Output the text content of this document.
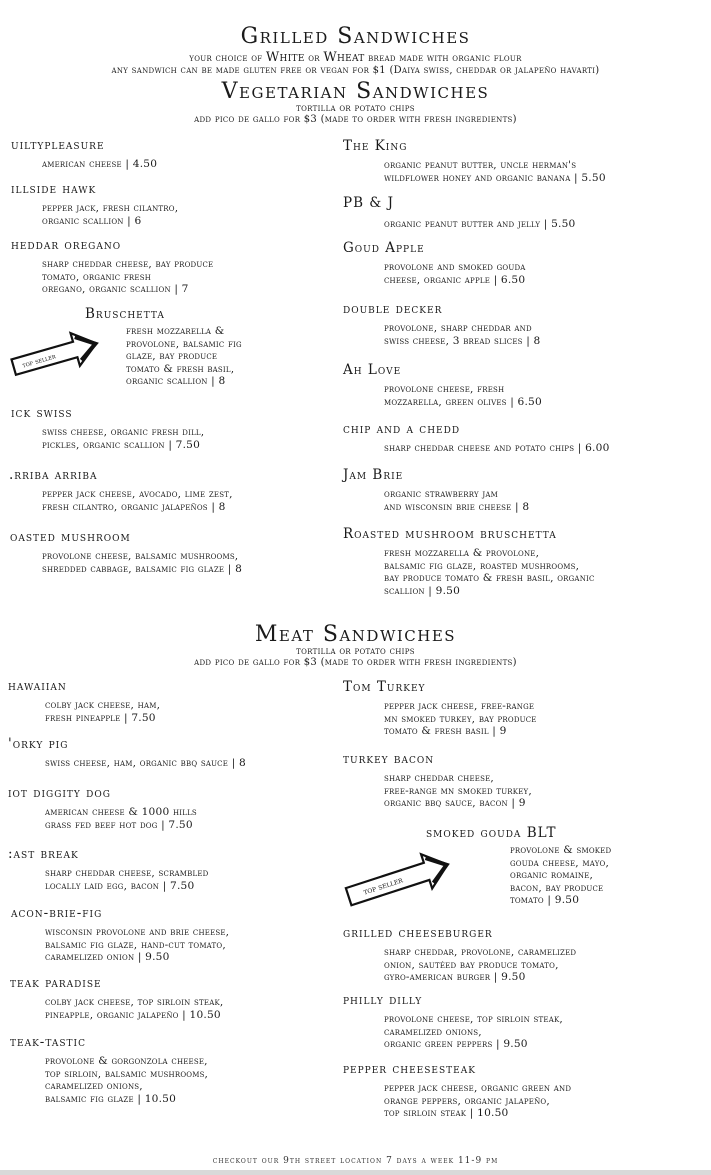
Grilled Sandwiches
your choice of White or Wheat bread made with organic flour
any sandwich can be made gluten free or vegan for $1 (Daiya swiss, cheddar or jalapeño havarti)
Vegetarian Sandwiches
tortilla or potato chips
add pico de gallo for $3 (made to order with fresh ingredients)
uiltypleasure
american cheese | 4.50
illside hawk
pepper jack, fresh cilantro,
organic scallion | 6
heddar oregano
sharp cheddar cheese, bay produce
tomato, organic fresh
oregano, organic scallion | 7
Bruschetta
fresh mozzarella &
provolone, balsamic fig
glaze, bay produce
tomato & fresh basil,
organic scallion | 8
top seller
ick swiss
swiss cheese, organic fresh dill,
pickles, organic scallion | 7.50
.rriba arriba
pepper jack cheese, avocado, lime zest,
fresh cilantro, organic jalapeños | 8
oasted mushroom
provolone cheese, balsamic mushrooms,
shredded cabbage, balsamic fig glaze | 8
The King
organic peanut butter, uncle herman's
wildflower honey and organic banana | 5.50
PB & J
organic peanut butter and jelly | 5.50
Goud Apple
provolone and smoked gouda
cheese, organic apple | 6.50
double decker
provolone, sharp cheddar and
swiss cheese, 3 bread slices | 8
Ah Love
provolone cheese, fresh
mozzarella, green olives | 6.50
chip and a chedd
sharp cheddar cheese and potato chips | 6.00
Jam Brie
organic strawberry jam
and wisconsin brie cheese | 8
Roasted mushroom bruschetta
fresh mozzarella & provolone,
balsamic fig glaze, roasted mushrooms,
bay produce tomato & fresh basil, organic
scallion | 9.50
Meat Sandwiches
tortilla or potato chips
add pico de gallo for $3 (made to order with fresh ingredients)
hawaiian
colby jack cheese, ham,
fresh pineapple | 7.50
'orky pig
swiss cheese, ham, organic bbq sauce | 8
iot diggity dog
american cheese & 1000 hills
grass fed beef hot dog | 7.50
:ast break
sharp cheddar cheese, scrambled
locally laid egg, bacon | 7.50
acon-brie-fig
wisconsin provolone and brie cheese,
balsamic fig glaze, hand-cut tomato,
caramelized onion | 9.50
teak paradise
colby jack cheese, top sirloin steak,
pineapple, organic jalapeño | 10.50
teak-tastic
provolone & gorgonzola cheese,
top sirloin, balsamic mushrooms,
caramelized onions,
balsamic fig glaze | 10.50
Tom Turkey
pepper jack cheese, free-range
mn smoked turkey, bay produce
tomato & fresh basil | 9
turkey bacon
sharp cheddar cheese,
free-range mn smoked turkey,
organic bbq sauce, bacon | 9
smoked gouda BLT
provolone & smoked
gouda cheese, mayo,
organic romaine,
bacon, bay produce
tomato | 9.50
top seller
grilled cheeseburger
sharp cheddar, provolone, caramelized
onion, sautéed bay produce tomato,
gyro-american burger | 9.50
philly dilly
provolone cheese, top sirloin steak,
caramelized onions,
organic green peppers | 9.50
pepper cheesesteak
pepper jack cheese, organic green and
orange peppers, organic jalapeño,
top sirloin steak | 10.50
checkout our 9th street location 7 days a week 11-9 pm
